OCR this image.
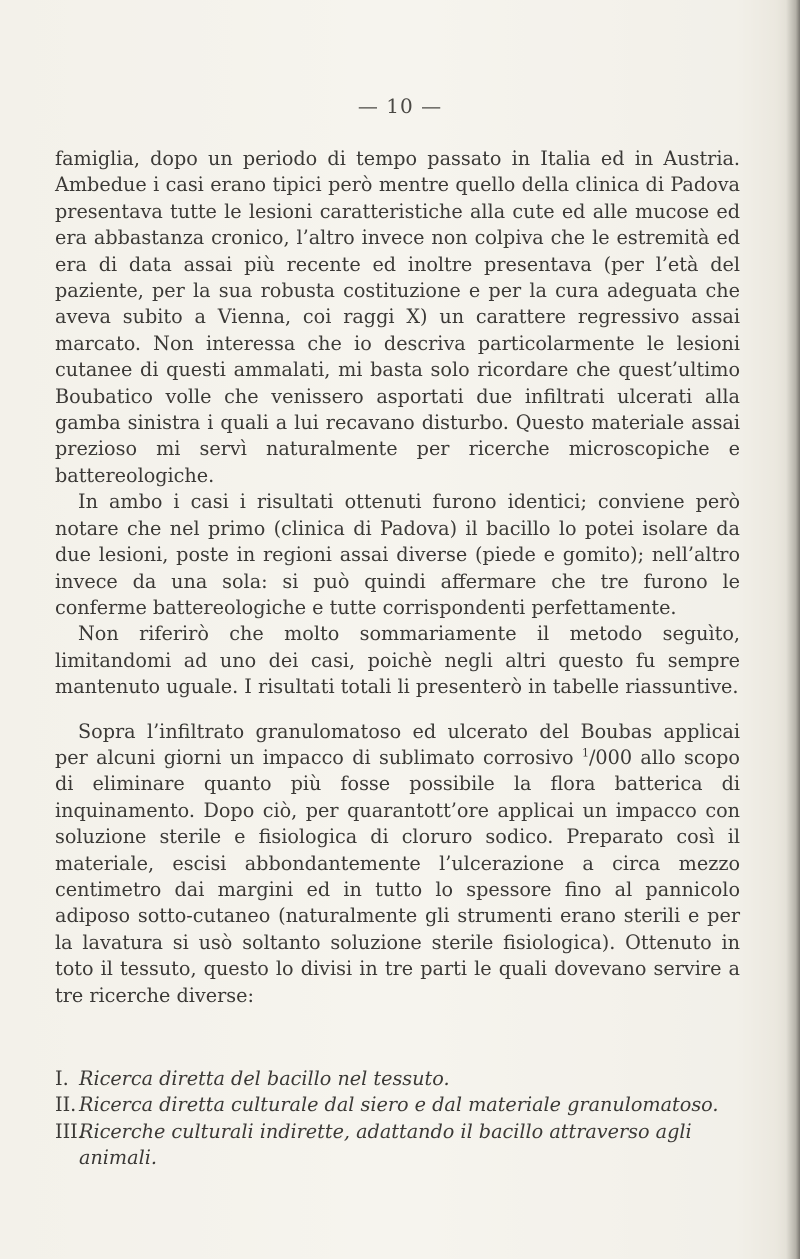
— 10 —

famiglia, dopo un periodo di tempo passato in Italia ed in Austria. Ambedue i casi erano tipici però mentre quello della clinica di Padova presentava tutte le lesioni caratteristiche alla cute ed alle mucose ed era abbastanza cronico, l’altro invece non colpiva che le estremità ed era di data assai più recente ed inoltre presentava (per l’età del paziente, per la sua robusta costituzione e per la cura adeguata che aveva subito a Vienna, coi raggi X) un carattere regressivo assai marcato. Non interessa che io descriva particolarmente le lesioni cutanee di questi ammalati, mi basta solo ricordare che quest’ultimo Boubatico volle che venissero asportati due infiltrati ulcerati alla gamba sinistra i quali a lui recavano disturbo. Questo materiale assai prezioso mi servì naturalmente per ricerche microscopiche e battereologiche.

In ambo i casi i risultati ottenuti furono identici; conviene però notare che nel primo (clinica di Padova) il bacillo lo potei isolare da due lesioni, poste in regioni assai diverse (piede e gomito); nell’altro invece da una sola: si può quindi affermare che tre furono le conferme battereologiche e tutte corrispondenti perfettamente.

Non riferirò che molto sommariamente il metodo seguìto, limitandomi ad uno dei casi, poichè negli altri questo fu sempre mantenuto uguale. I risultati totali li presenterò in tabelle riassuntive.

Sopra l’infiltrato granulomatoso ed ulcerato del Boubas applicai per alcuni giorni un impacco di sublimato corrosivo $^1$/000 allo scopo di eliminare quanto più fosse possibile la flora batterica di inquinamento. Dopo ciò, per quarantott’ore applicai un impacco con soluzione sterile e fisiologica di cloruro sodico. Preparato così il materiale, escisi abbondantemente l’ulcerazione a circa mezzo centimetro dai margini ed in tutto lo spessore fino al pannicolo adiposo sotto-cutaneo (naturalmente gli strumenti erano sterili e per la lavatura si usò soltanto soluzione sterile fisiologica). Ottenuto in toto il tessuto, questo lo divisi in tre parti le quali dovevano servire a tre ricerche diverse:

I. Ricerca diretta del bacillo nel tessuto.
II. Ricerca diretta culturale dal siero e dal materiale granulomatoso.
III.
Ricerche culturali indirette, adattando il bacillo attraverso agli animali.
